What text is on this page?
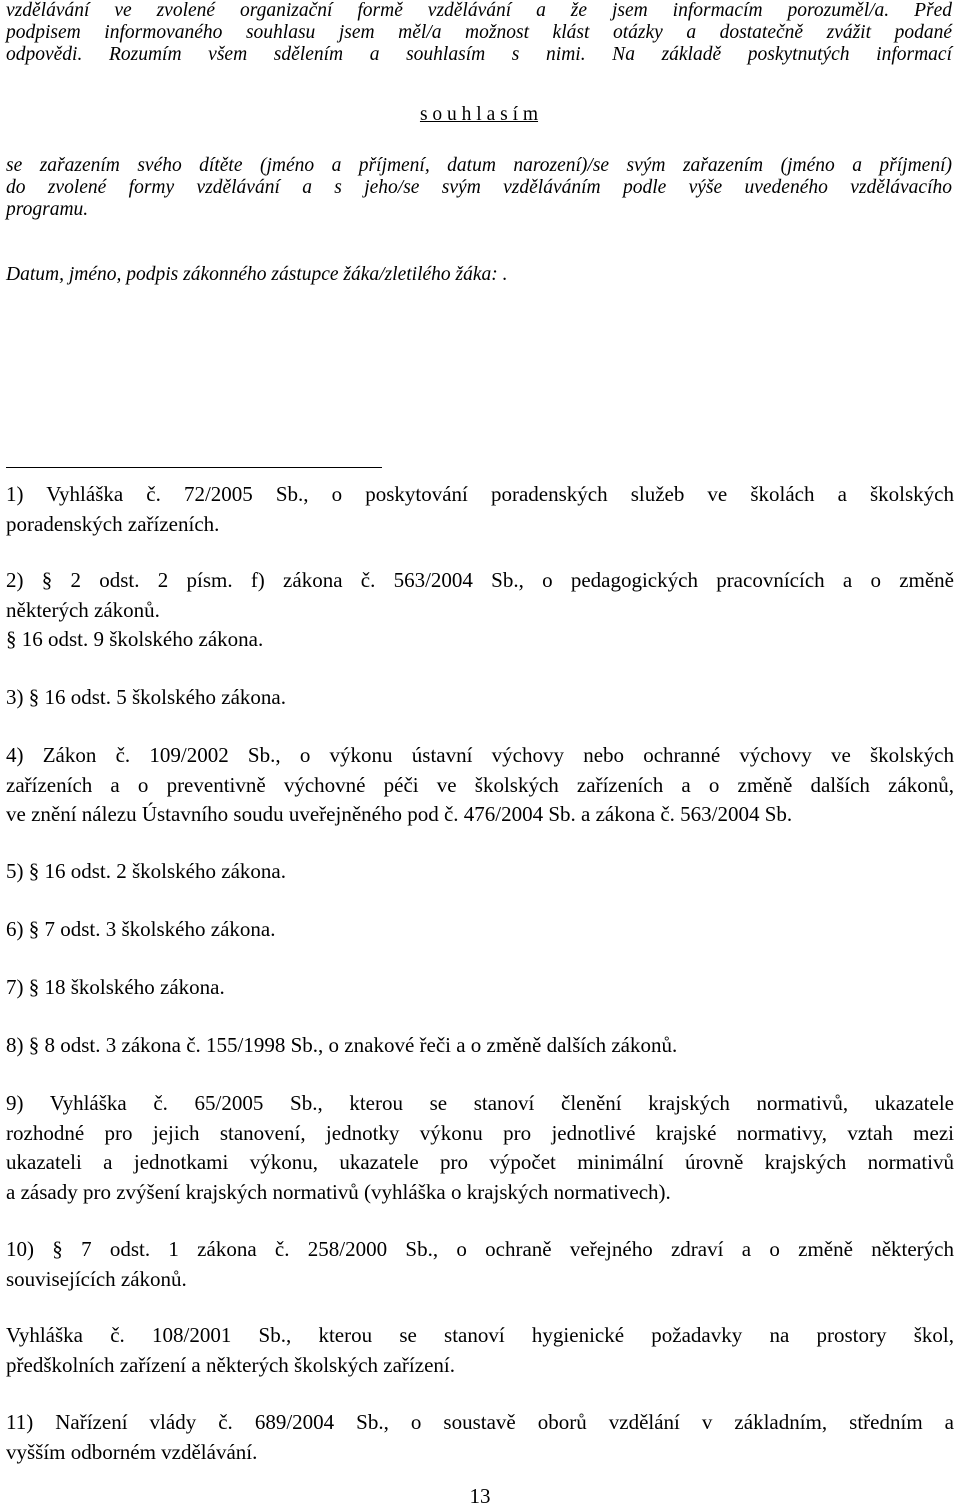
vzdělávání ve zvolené organizační formě vzdělávání a že jsem informacím porozuměl/a. Před

podpisem informovaného souhlasu jsem měl/a možnost klást otázky a dostatečně zvážit podané

odpovědi. Rozumím všem sdělením a souhlasím s nimi. Na základě poskytnutých informací

s o u h l a s í m

se zařazením svého dítěte (jméno a příjmení, datum narození)/se svým zařazením (jméno a příjmení)

do zvolené formy vzdělávání a s jeho/se svým vzděláváním podle výše uvedeného vzdělávacího

programu.

Datum, jméno, podpis zákonného zástupce žáka/zletilého žáka: .

1) Vyhláška č. 72/2005 Sb., o poskytování poradenských služeb ve školách a školských

poradenských zařízeních.

2) § 2 odst. 2 písm. f) zákona č. 563/2004 Sb., o pedagogických pracovnících a o změně

některých zákonů.

§ 16 odst. 9 školského zákona.

3) § 16 odst. 5 školského zákona.

4) Zákon č. 109/2002 Sb., o výkonu ústavní výchovy nebo ochranné výchovy ve školských

zařízeních a o preventivně výchovné péči ve školských zařízeních a o změně dalších zákonů,

ve znění nálezu Ústavního soudu uveřejněného pod č. 476/2004 Sb. a zákona č. 563/2004 Sb.

5) § 16 odst. 2 školského zákona.

6) § 7 odst. 3 školského zákona.

7) § 18 školského zákona.

8) § 8 odst. 3 zákona č. 155/1998 Sb., o znakové řeči a o změně dalších zákonů.

9) Vyhláška č. 65/2005 Sb., kterou se stanoví členění krajských normativů, ukazatele

rozhodné pro jejich stanovení, jednotky výkonu pro jednotlivé krajské normativy, vztah mezi

ukazateli a jednotkami výkonu, ukazatele pro výpočet minimální úrovně krajských normativů

a zásady pro zvýšení krajských normativů (vyhláška o krajských normativech).

10) § 7 odst. 1 zákona č. 258/2000 Sb., o ochraně veřejného zdraví a o změně některých

souvisejících zákonů.

Vyhláška č. 108/2001 Sb., kterou se stanoví hygienické požadavky na prostory škol,

předškolních zařízení a některých školských zařízení.

11) Nařízení vlády č. 689/2004 Sb., o soustavě oborů vzdělání v základním, středním a

vyšším odborném vzdělávání.

13
